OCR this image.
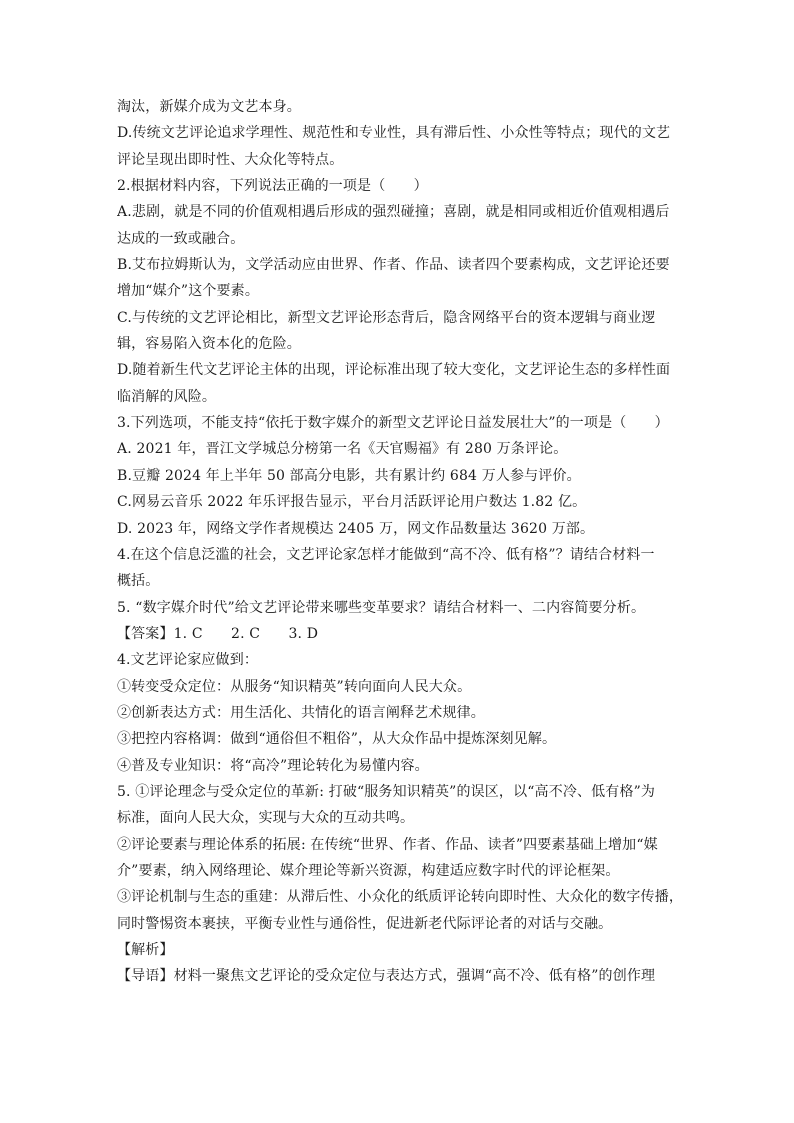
淘汰，新媒介成为文艺本身。
D.传统文艺评论追求学理性、规范性和专业性，具有滞后性、小众性等特点；现代的文艺
评论呈现出即时性、大众化等特点。
2.根据材料内容，下列说法正确的一项是（　　）
A.悲剧，就是不同的价值观相遇后形成的强烈碰撞；喜剧，就是相同或相近价值观相遇后
达成的一致或融合。
B.艾布拉姆斯认为，文学活动应由世界、作者、作品、读者四个要素构成，文艺评论还要
增加“媒介”这个要素。
C.与传统的文艺评论相比，新型文艺评论形态背后，隐含网络平台的资本逻辑与商业逻
辑，容易陷入资本化的危险。
D.随着新生代文艺评论主体的出现，评论标准出现了较大变化，文艺评论生态的多样性面
临消解的风险。
3.下列选项，不能支持“依托于数字媒介的新型文艺评论日益发展壮大”的一项是（　　）
A. 2021 年，晋江文学城总分榜第一名《天官赐福》有 280 万条评论。
B.豆瓣 2024 年上半年 50 部高分电影，共有累计约 684 万人参与评价。
C.网易云音乐 2022 年乐评报告显示，平台月活跃评论用户数达 1.82 亿。
D. 2023 年，网络文学作者规模达 2405 万，网文作品数量达 3620 万部。
4.在这个信息泛滥的社会，文艺评论家怎样才能做到“高不冷、低有格”？请结合材料一
概括。
5. “数字媒介时代”给文艺评论带来哪些变革要求？请结合材料一、二内容简要分析。
【答案】1. C　　2. C　　3. D
4.文艺评论家应做到：
①转变受众定位：从服务“知识精英”转向面向人民大众。
②创新表达方式：用生活化、共情化的语言阐释艺术规律。
③把控内容格调：做到“通俗但不粗俗”，从大众作品中提炼深刻见解。
④普及专业知识：将“高冷”理论转化为易懂内容。
5. ①评论理念与受众定位的革新: 打破“服务知识精英”的误区，以“高不冷、低有格”为
标准，面向人民大众，实现与大众的互动共鸣。
②评论要素与理论体系的拓展: 在传统“世界、作者、作品、读者”四要素基础上增加“媒
介”要素，纳入网络理论、媒介理论等新兴资源，构建适应数字时代的评论框架。
③评论机制与生态的重建：从滞后性、小众化的纸质评论转向即时性、大众化的数字传播，
同时警惕资本裹挟，平衡专业性与通俗性，促进新老代际评论者的对话与交融。
【解析】
【导语】材料一聚焦文艺评论的受众定位与表达方式，强调“高不冷、低有格”的创作理
